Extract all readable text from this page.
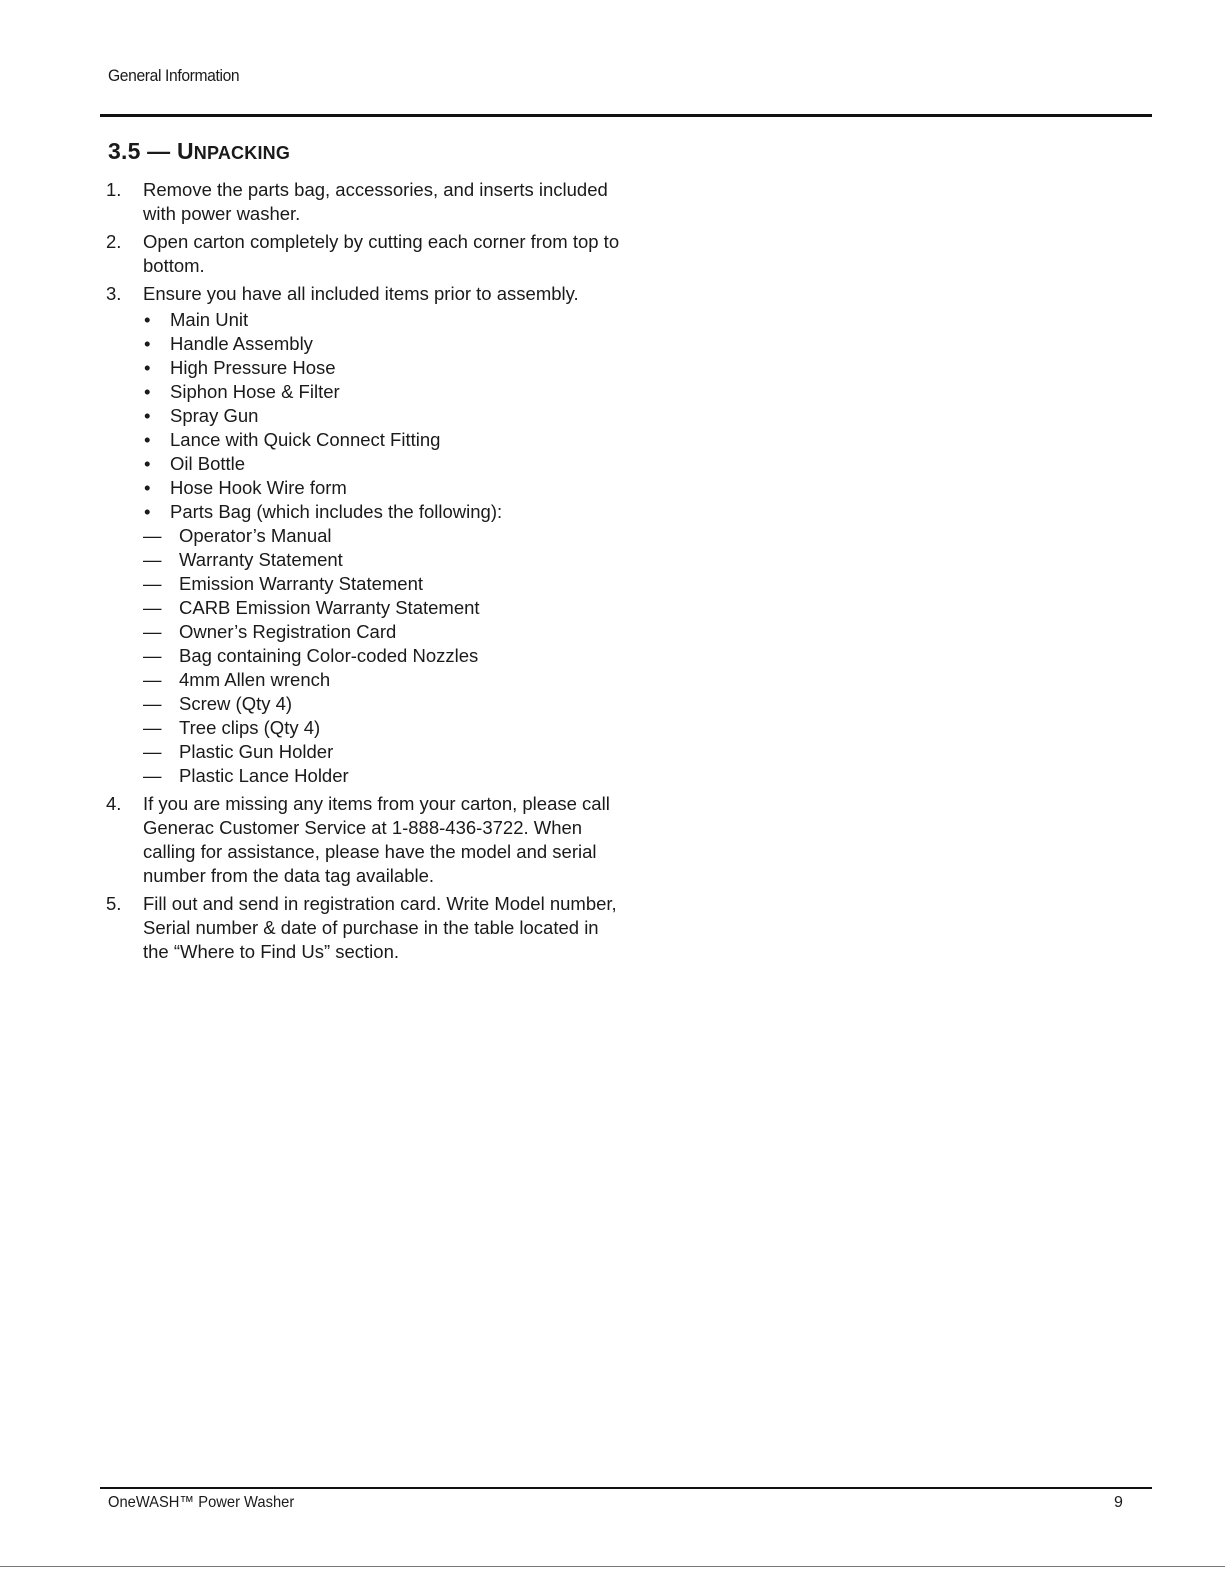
General Information
3.5 — UNPACKING
1.	Remove the parts bag, accessories, and inserts included with power washer.
2.	Open carton completely by cutting each corner from top to bottom.
3.	Ensure you have all included items prior to assembly.
•	Main Unit
•	Handle Assembly
•	High Pressure Hose
•	Siphon Hose & Filter
•	Spray Gun
•	Lance with Quick Connect Fitting
•	Oil Bottle
•	Hose Hook Wire form
•	Parts Bag (which includes the following):
— Operator’s Manual
— Warranty Statement
— Emission Warranty Statement
— CARB Emission Warranty Statement
— Owner’s Registration Card
— Bag containing Color-coded Nozzles
— 4mm Allen wrench
— Screw (Qty 4)
— Tree clips (Qty 4)
— Plastic Gun Holder
— Plastic Lance Holder
4.	If you are missing any items from your carton, please call Generac Customer Service at 1-888-436-3722. When calling for assistance, please have the model and serial number from the data tag available.
5.	Fill out and send in registration card. Write Model number, Serial number & date of purchase in the table located in the “Where to Find Us” section.
OneWASH™ Power Washer	9
